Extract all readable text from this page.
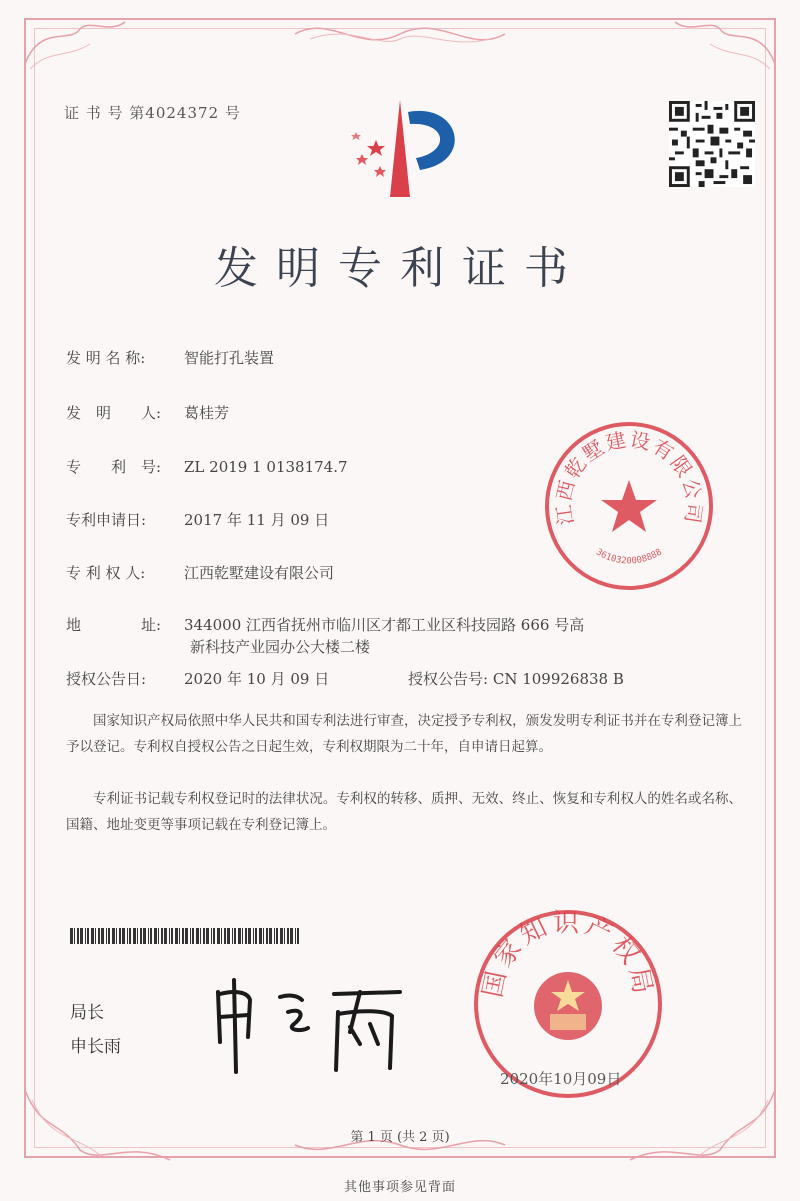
证 书 号 第4024372 号
发明专利证书
发 明 名 称:	智能打孔装置
发　明　　人: 葛桂芳
专　　利　号: ZL 2019 1 0138174.7
专利申请日:	2017 年 11 月 09 日
专 利 权 人:	江西乾墅建设有限公司
地　　　　址: 344000 江西省抚州市临川区才都工业区科技园路 666 号高
新科技产业园办公大楼二楼
授权公告日:	2020 年 10 月 09 日	授权公告号: CN 109926838 B
国家知识产权局依照中华人民共和国专利法进行审查，决定授予专利权，颁发发明专利证书并在专利登记簿上予以登记。专利权自授权公告之日起生效，专利权期限为二十年，自申请日起算。
专利证书记载专利权登记时的法律状况。专利权的转移、质押、无效、终止、恢复和专利权人的姓名或名称、国籍、地址变更等事项记载在专利登记簿上。
局长
申长雨
江西乾墅建设有限公司
3610320008888
国家知识产权局
2020年10月09日
第 1 页 (共 2 页)
其他事项参见背面
